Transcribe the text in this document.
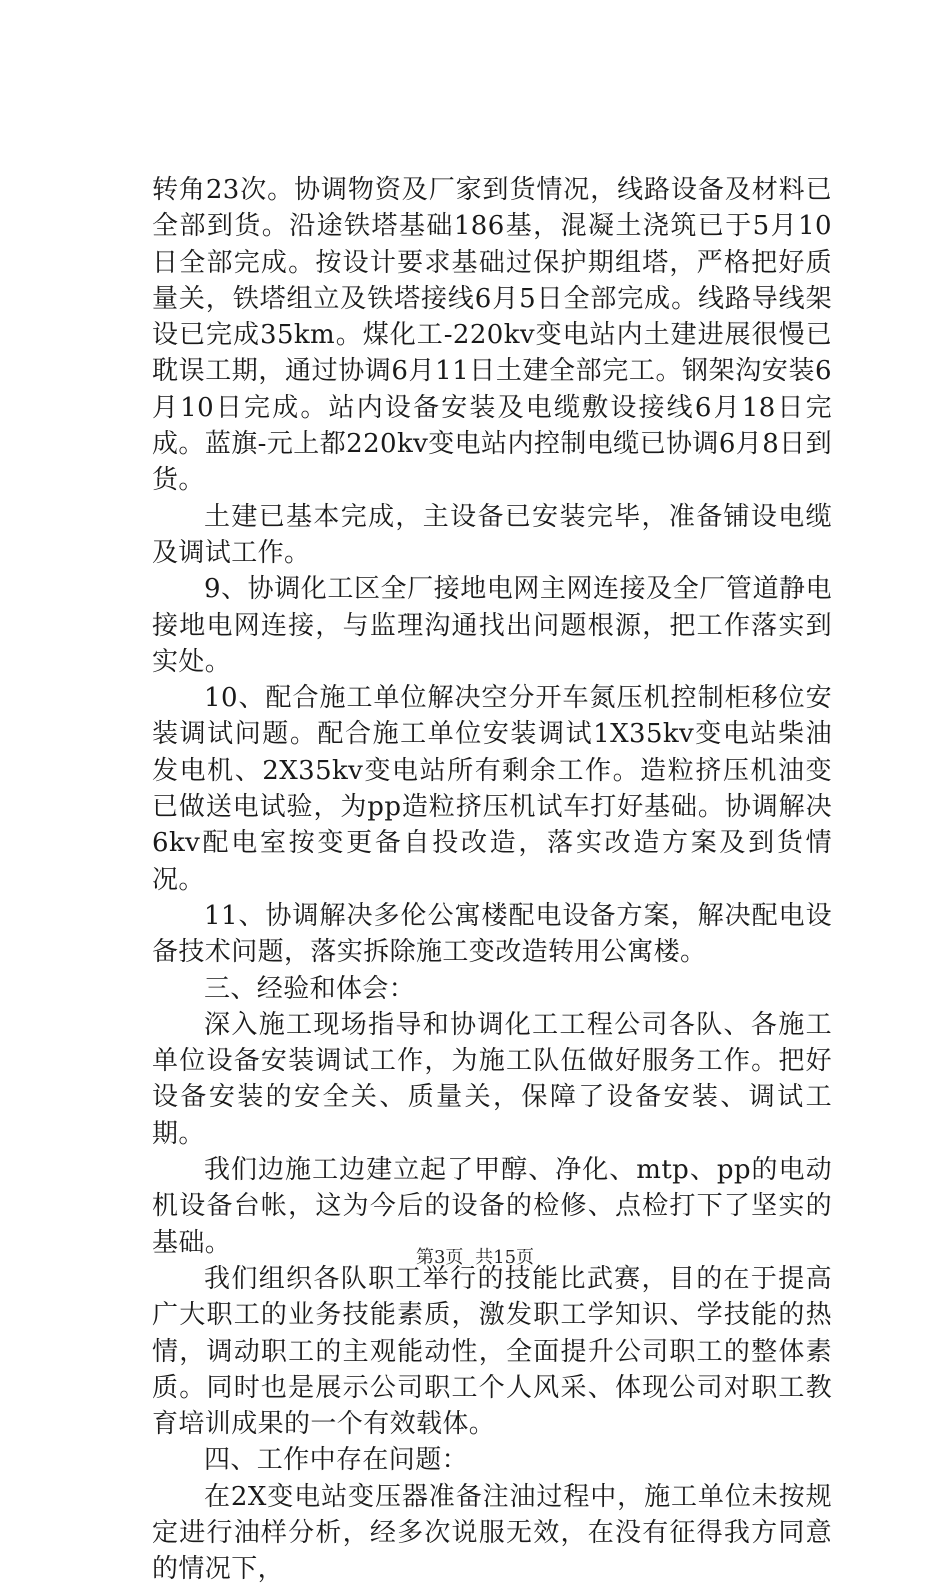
转角23次。协调物资及厂家到货情况，线路设备及材料已全部到货。沿途铁塔基础186基，混凝土浇筑已于5月10日全部完成。按设计要求基础过保护期组塔，严格把好质量关，铁塔组立及铁塔接线6月5日全部完成。线路导线架设已完成35km。煤化工-220kv变电站内土建进展很慢已耽误工期，通过协调6月11日土建全部完工。钢架沟安装6月10日完成。站内设备安装及电缆敷设接线6月18日完成。蓝旗-元上都220kv变电站内控制电缆已协调6月8日到货。

土建已基本完成，主设备已安装完毕，准备铺设电缆及调试工作。

9、协调化工区全厂接地电网主网连接及全厂管道静电接地电网连接，与监理沟通找出问题根源，把工作落实到实处。

10、配合施工单位解决空分开车氮压机控制柜移位安装调试问题。配合施工单位安装调试1X35kv变电站柴油发电机、2X35kv变电站所有剩余工作。造粒挤压机油变已做送电试验，为pp造粒挤压机试车打好基础。协调解决6kv配电室按变更备自投改造，落实改造方案及到货情况。

11、协调解决多伦公寓楼配电设备方案，解决配电设备技术问题，落实拆除施工变改造转用公寓楼。

三、经验和体会：

深入施工现场指导和协调化工工程公司各队、各施工单位设备安装调试工作，为施工队伍做好服务工作。把好设备安装的安全关、质量关，保障了设备安装、调试工期。

我们边施工边建立起了甲醇、净化、mtp、pp的电动机设备台帐，这为今后的设备的检修、点检打下了坚实的基础。

我们组织各队职工举行的技能比武赛，目的在于提高广大职工的业务技能素质，激发职工学知识、学技能的热情，调动职工的主观能动性，全面提升公司职工的整体素质。同时也是展示公司职工个人风采、体现公司对职工教育培训成果的一个有效载体。

四、工作中存在问题：

在2X变电站变压器准备注油过程中，施工单位未按规定进行油样分析，经多次说服无效，在没有征得我方同意的情况下，

第3页 共15页
